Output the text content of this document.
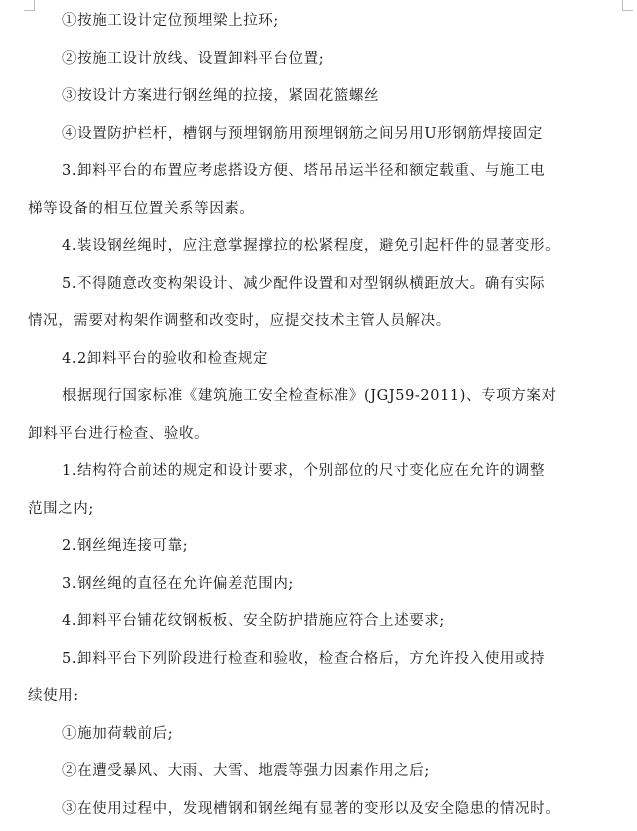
①按施工设计定位预埋梁上拉环;
②按施工设计放线、设置卸料平台位置;
③按设计方案进行钢丝绳的拉接，紧固花篮螺丝
④设置防护栏杆，槽钢与预埋钢筋用预埋钢筋之间另用U形钢筋焊接固定
3.卸料平台的布置应考虑搭设方便、塔吊吊运半径和额定载重、与施工电
梯等设备的相互位置关系等因素。
4.装设钢丝绳时，应注意掌握撑拉的松紧程度，避免引起杆件的显著变形。
5.不得随意改变构架设计、减少配件设置和对型钢纵横距放大。确有实际
情况，需要对构架作调整和改变时，应提交技术主管人员解决。
4.2卸料平台的验收和检查规定
根据现行国家标准《建筑施工安全检查标准》(JGJ59-2011)、专项方案对
卸料平台进行检查、验收。
1.结构符合前述的规定和设计要求，个别部位的尺寸变化应在允许的调整
范围之内;
2.钢丝绳连接可靠;
3.钢丝绳的直径在允许偏差范围内;
4.卸料平台铺花纹钢板板、安全防护措施应符合上述要求;
5.卸料平台下列阶段进行检查和验收，检查合格后，方允许投入使用或持
续使用:
①施加荷载前后;
②在遭受暴风、大雨、大雪、地震等强力因素作用之后;
③在使用过程中，发现槽钢和钢丝绳有显著的变形以及安全隐患的情况时。
